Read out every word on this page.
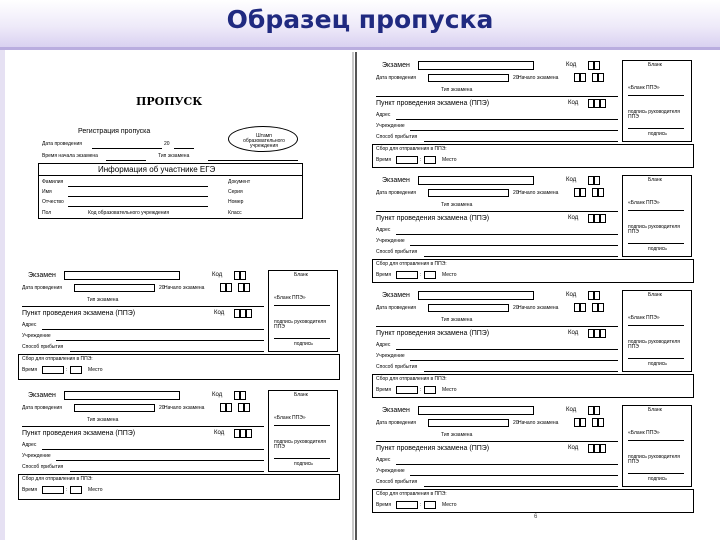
Образец пропуска
ПРОПУСК
Регистрация пропуска
Дата проведения	20
Время начала экзамена	Тип экзамена
Штамп образовательного учреждения
Информация об участнике ЕГЭ
Фамилия
Имя
Отчество
Пол	Код образовательного учреждения
Документ
Серия
Номер
Класс
Экзамен	Код
Дата проведения	20 Начало экзамена
Тип экзамена
Пункт проведения экзамена (ППЭ)	Код
Адрес
Учреждение
Способ прибытия
Сбор для отправления в ППЭ:
Время	:	Место
Бланк
«Бланк ППЭ»
подпись руководителя ППЭ
подпись
Экзамен	Код
Дата проведения	20 Начало экзамена
Тип экзамена
Пункт проведения экзамена (ППЭ)	Код
Адрес
Учреждение
Способ прибытия
Сбор для отправления в ППЭ:
Время	:	Место
Бланк
«Бланк ППЭ»
подпись руководителя ППЭ
подпись
Экзамен	Код
Дата проведения	20 Начало экзамена
Тип экзамена
Пункт проведения экзамена (ППЭ)	Код
Адрес
Учреждение
Способ прибытия
Сбор для отправления в ППЭ:
Время	:	Место
Бланк
«Бланк ППЭ»
подпись руководителя ППЭ
подпись
Экзамен	Код
Дата проведения	20 Начало экзамена
Тип экзамена
Пункт проведения экзамена (ППЭ)	Код
Адрес
Учреждение
Способ прибытия
Сбор для отправления в ППЭ:
Время	:	Место
Бланк
«Бланк ППЭ»
подпись руководителя ППЭ
подпись
Экзамен	Код
Дата проведения	20 Начало экзамена
Тип экзамена
Пункт проведения экзамена (ППЭ)	Код
Адрес
Учреждение
Способ прибытия
Сбор для отправления в ППЭ:
Время	:	Место
Бланк
«Бланк ППЭ»
подпись руководителя ППЭ
подпись
Экзамен	Код
Дата проведения	20 Начало экзамена
Тип экзамена
Пункт проведения экзамена (ППЭ)	Код
Адрес
Учреждение
Способ прибытия
Сбор для отправления в ППЭ:
Время	:	Место
Бланк
«Бланк ППЭ»
подпись руководителя ППЭ
подпись
6
